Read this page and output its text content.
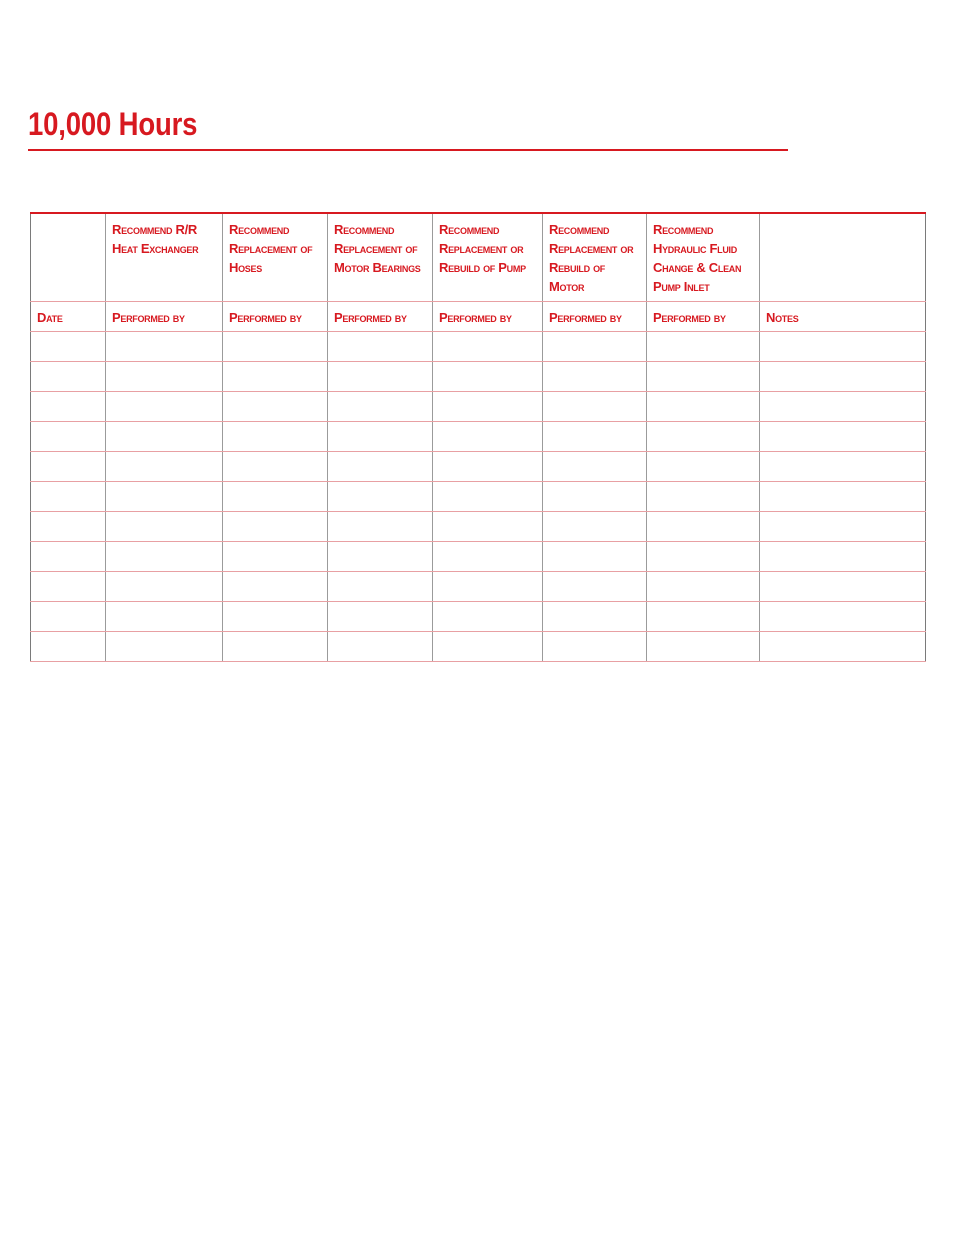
10,000 Hours

	Recommend R/R Heat Exchanger	Recommend Replacement of Hoses	Recommend Replacement of Motor Bearings	Recommend Replacement or Rebuild of Pump	Recommend Replacement or Rebuild of Motor	Recommend Hydraulic Fluid Change & Clean Pump Inlet	

Date	Performed by	Performed by	Performed by	Performed by	Performed by	Performed by	Notes
